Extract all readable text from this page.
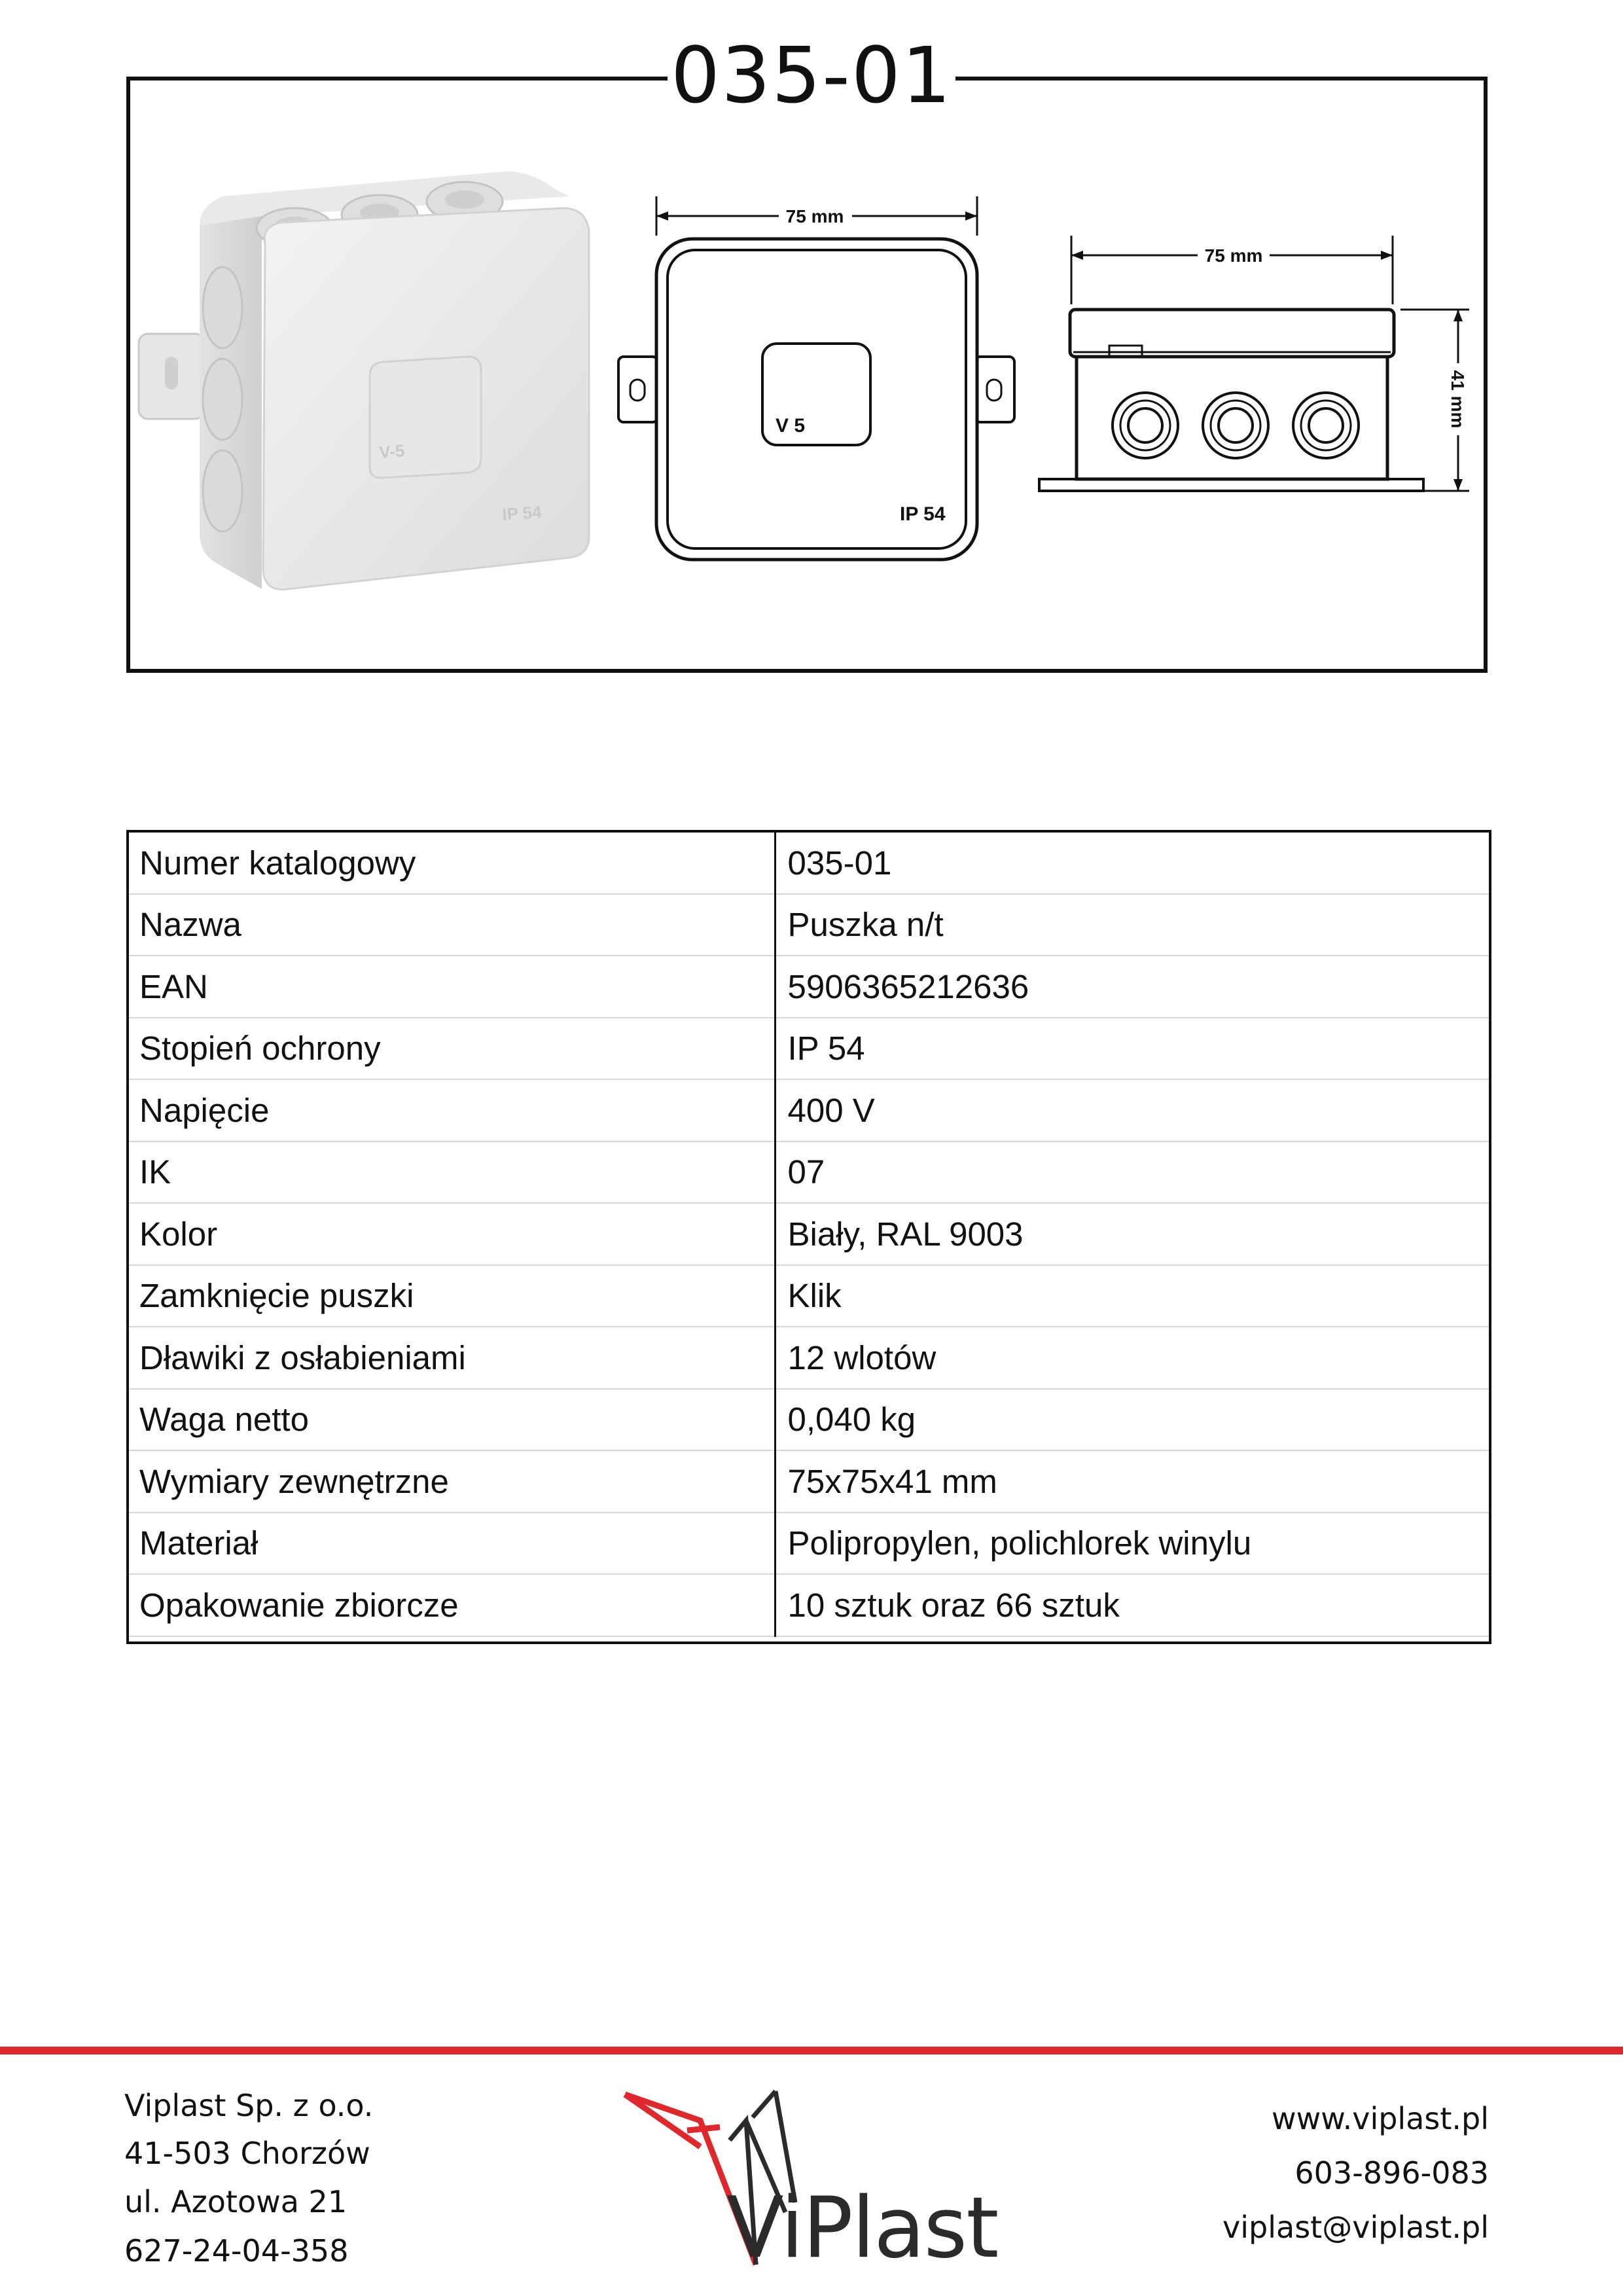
035-01
V-5
IP 54
75 mm
V 5
IP 54
75 mm
41 mm
Numer katalogowy	035-01
Nazwa	Puszka n/t
EAN	5906365212636
Stopień ochrony	IP 54
Napięcie	400 V
IK	07
Kolor	Biały, RAL 9003
Zamknięcie puszki	Klik
Dławiki z osłabieniami	12 wlotów
Waga netto	0,040 kg
Wymiary zewnętrzne	75x75x41 mm
Materiał	Polipropylen, polichlorek winylu
Opakowanie zbiorcze	10 sztuk oraz 66 sztuk
Viplast Sp. z o.o.
41-503 Chorzów
ul. Azotowa 21
627-24-04-358	ViPlast
www.viplast.pl
603-896-083
viplast@viplast.pl
